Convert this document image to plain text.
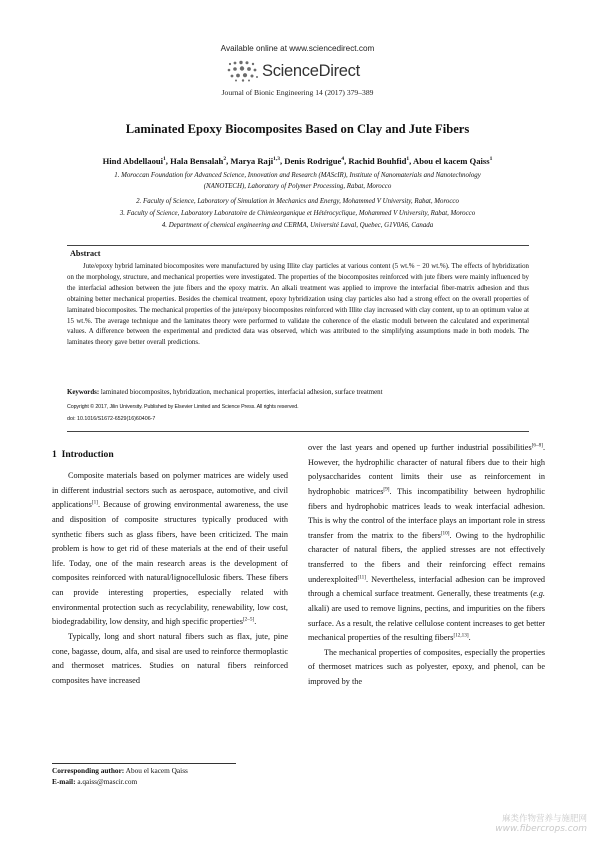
Available online at www.sciencedirect.com
ScienceDirect
Journal of Bionic Engineering 14 (2017) 379–389
Laminated Epoxy Biocomposites Based on Clay and Jute Fibers
Hind Abdellaoui$^1$, Hala Bensalah$^2$, Marya Raji$^{1,3}$, Denis Rodrigue$^4$, Rachid Bouhfid$^1$, Abou el kacem Qaiss$^1$
1. Moroccan Foundation for Advanced Science, Innovation and Research (MAScIR), Institute of Nanomaterials and Nanotechnology
(NANOTECH), Laboratory of Polymer Processing, Rabat, Morocco
2. Faculty of Science, Laboratory of Simulation in Mechanics and Energy, Mohammed V University, Rabat, Morocco
3. Faculty of Science, Laboratory Laboratoire de Chimieorganique et Hétérocyclique, Mohammed V University, Rabat, Morocco
4. Department of chemical engineering and CERMA, Université Laval, Quebec, G1V0A6, Canada
Abstract
Jute/epoxy hybrid laminated biocomposites were manufactured by using Illite clay particles at various content (5 wt.% − 20 wt.%). The effects of hybridization on the morphology, structure, and mechanical properties were investigated. The properties of the biocomposites reinforced with jute fibers were mainly influenced by the interfacial adhesion between the jute fibers and the epoxy matrix. An alkali treatment was applied to improve the interfacial fiber-matrix adhesion and thus obtaining better mechanical properties. Besides the chemical treatment, epoxy hybridization using clay particles also had a strong effect on the overall properties of laminated biocomposites. The mechanical properties of the jute/epoxy biocomposites reinforced with Illite clay increased with clay content, up to an optimum value at 15 wt.%. The average technique and the laminates theory were performed to validate the coherence of the elastic moduli between the calculated and experimental values. A difference between the experimental and predicted data was observed, which was attributed to the simplifying assumptions made in both models. The laminates theory gave better overall predictions.
Keywords: laminated biocomposites, hybridization, mechanical properties, interfacial adhesion, surface treatment
Copyright © 2017, Jilin University. Published by Elsevier Limited and Science Press. All rights reserved.
doi: 10.1016/S1672-6529(16)60406-7
1 Introduction

Composite materials based on polymer matrices are widely used in different industrial sectors such as aerospace, automotive, and civil applications[1]. Because of growing environmental awareness, the use and disposition of composite structures typically produced with synthetic fibers such as glass fibers, have been criticized. The main problem is how to get rid of these materials at the end of their useful life. Today, one of the main research areas is the development of composites reinforced with natural/lignocellulosic fibers. These fibers can provide interesting properties, especially related with environmental protection such as recyclability, renewability, low cost, biodegradability, low density, and high specific properties[2–5].

Typically, long and short natural fibers such as flax, jute, pine cone, bagasse, doum, alfa, and sisal are used to reinforce thermoplastic and thermoset matrices. Studies on natural fibers reinforced composites have increased

over the last years and opened up further industrial possibilities[6–8]. However, the hydrophilic character of natural fibers due to their high polysaccharides content limits their use as reinforcement in hydrophobic matrices[9]. This incompatibility between hydrophilic fibers and hydrophobic matrices leads to weak interfacial adhesion. This is why the control of the interface plays an important role in stress transfer from the matrix to the fibers[10]. Owing to the hydrophilic character of natural fibers, the applied stresses are not effectively transferred to the fibers and their reinforcing effect remains underexploited[11]. Nevertheless, interfacial adhesion can be improved through a chemical surface treatment. Generally, these treatments (e.g. alkali) are used to remove lignins, pectins, and impurities on the fibers surface. As a result, the relative cellulose content increases to get better mechanical properties of the resulting fibers[12,13].

The mechanical properties of composites, especially the properties of thermoset matrices such as polyester, epoxy, and phenol, can be improved by the

Corresponding author: Abou el kacem Qaiss
E-mail: a.qaiss@mascir.com
麻类作物营养与施肥网
www.fibercrops.com
